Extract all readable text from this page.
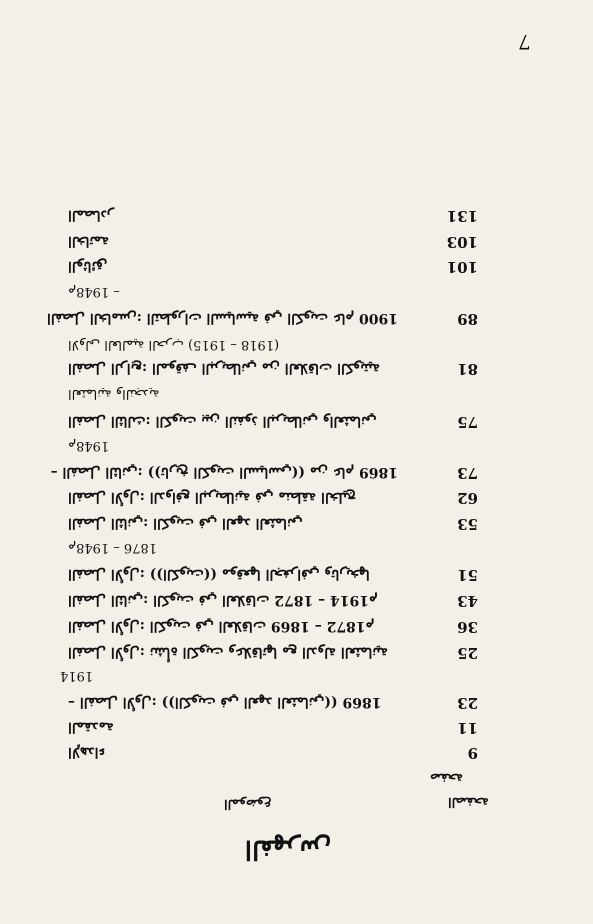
7
131
المصادر
103
الخاتمة
101
الوثائق
– 1948م
89
الفصل الخامس: التطورات السياسية في الكويت عام 1900
(1918 – 1915) الاولى العالمية الحرب
81
الفصل الرابع: الموقف البريطاني من العلاقات الكويتية
العثمانية والنجدية
75
الفصل الثالث: الكويت بين النفوذ البريطاني والعثماني
1948م
73
الفصل الثاني: ((تاريخ الكويت السياسي)) من عام 1869 –
62
الفصل الأول: الدوافع البريطانية في منطقة الخليج
53
الفصل الثاني: الكويت في العهد العثماني
1876 – 1948م
51
الفصل الأول: ((الكويت)) موقعها الجغرافي وتاريخها
43
الفصل الثاني: الكويت في العلاقات 1872 – 1914م
36
الفصل الأول: الكويت في العلاقات 1869 – 1872م
25
الفصل الأول: نشأة الكويت وعلاقاتها مع الدولة العثمانية
1914
23
الفصل الأول: ((الكويت في العهد العثماني)) 1869 –
11
المقدمة
9
الإهداء
صفحة
الصفحة
الموضوع
الفهرس
